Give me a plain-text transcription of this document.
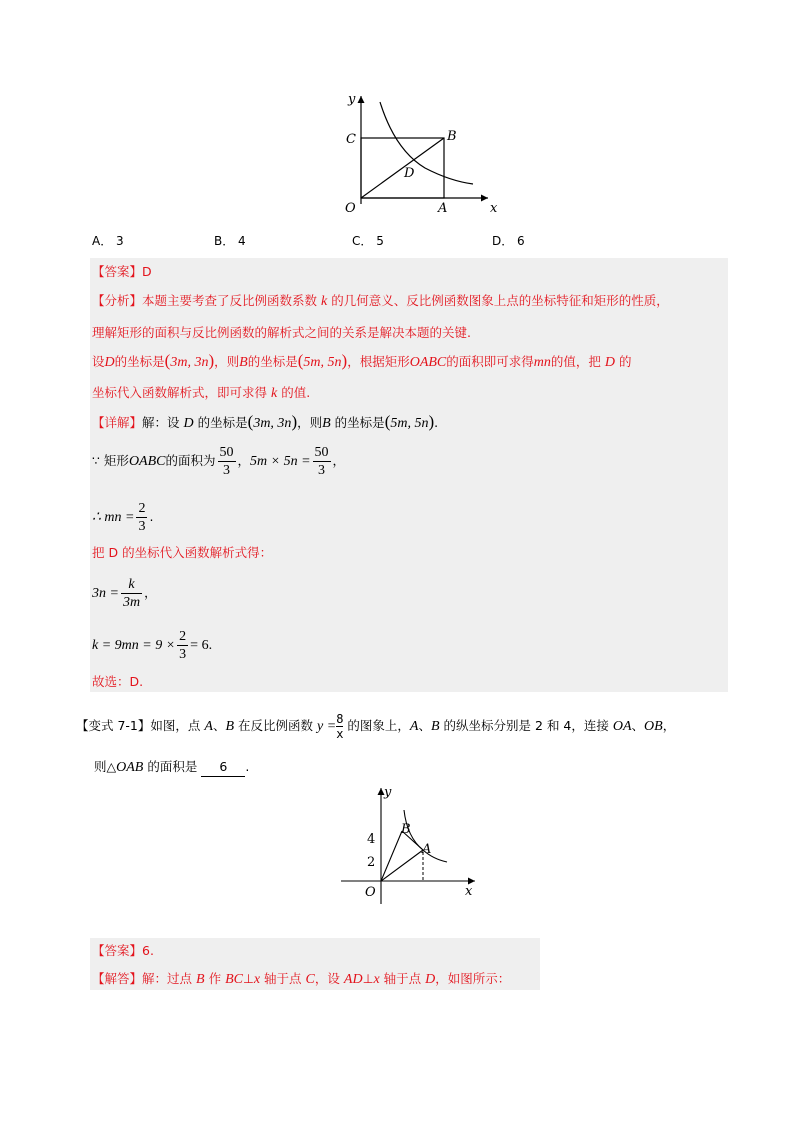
y
x
C	B
D
O	A
A． 3	B． 4	C． 5	D． 6
【答案】D
【分析】本题主要考查了反比例函数系数 k 的几何意义、反比例函数图象上点的坐标特征和矩形的性质，
理解矩形的面积与反比例函数的解析式之间的关系是解决本题的关键.
设D的坐标是(3m, 3n)，则B的坐标是(5m, 5n)，根据矩形OABC的面积即可求得mn的值，把 D 的
坐标代入函数解析式，即可求得 k 的值.
【详解】解：设 D 的坐标是(3m, 3n)，则B 的坐标是(5m, 5n).
∵ 矩形OABC的面积为 $\frac{50}{3}$ ，$5m \times 5n = \frac{50}{3}$ ，
∴ mn = $\frac{2}{3}$ .
把 D 的坐标代入函数解析式得：
$3n = \frac{k}{3m}$ ，
$k = 9mn = 9 \times \frac{2}{3} = 6$.
故选：D.
【变式 7-1】如图，点 A、B 在反比例函数 $y = \frac{8}{x}$ 的图象上，A、B 的纵坐标分别是 2 和 4，连接 OA、OB，
则△OAB 的面积是 6 .
y
x
4
2
B
A
O
【答案】6.
【解答】解：过点 B 作 BC⊥x 轴于点 C，设 AD⊥x 轴于点 D，如图所示：
